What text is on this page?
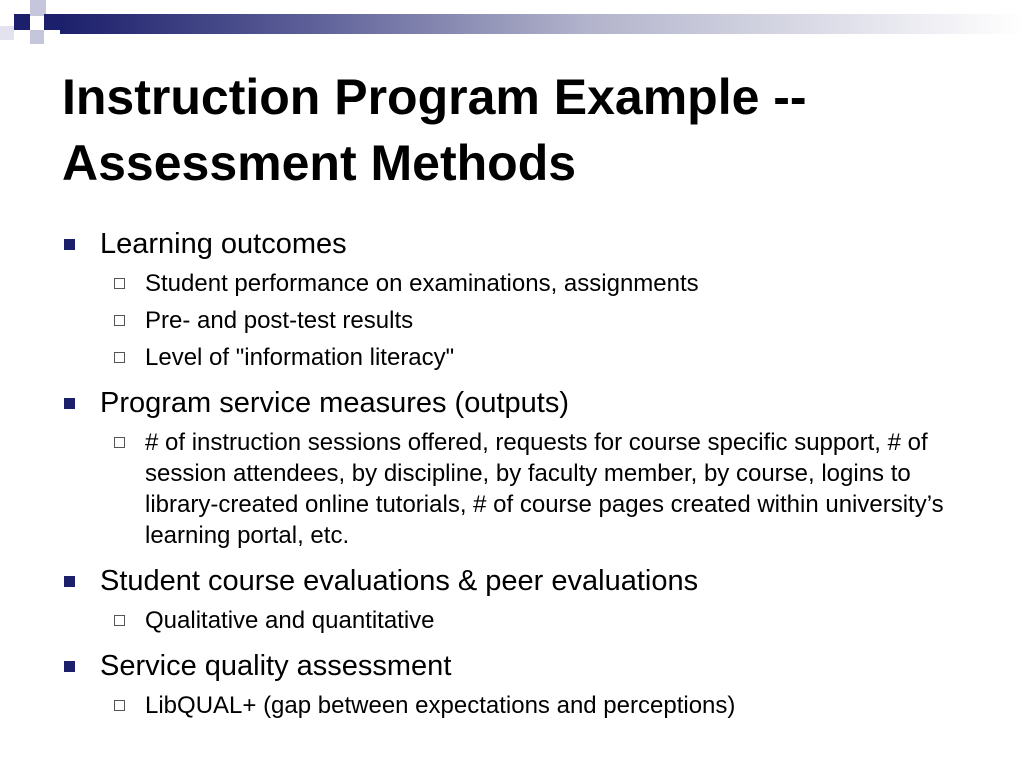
Instruction Program Example --
Assessment Methods
Learning outcomes
Student performance on examinations, assignments
Pre- and post-test results
Level of "information literacy"
Program service measures (outputs)
# of instruction sessions offered, requests for course specific support, # of session attendees, by discipline, by faculty member, by course, logins to library-created online tutorials, # of course pages created within university’s learning portal, etc.
Student course evaluations & peer evaluations
Qualitative and quantitative
Service quality assessment
LibQUAL+ (gap between expectations and perceptions)
